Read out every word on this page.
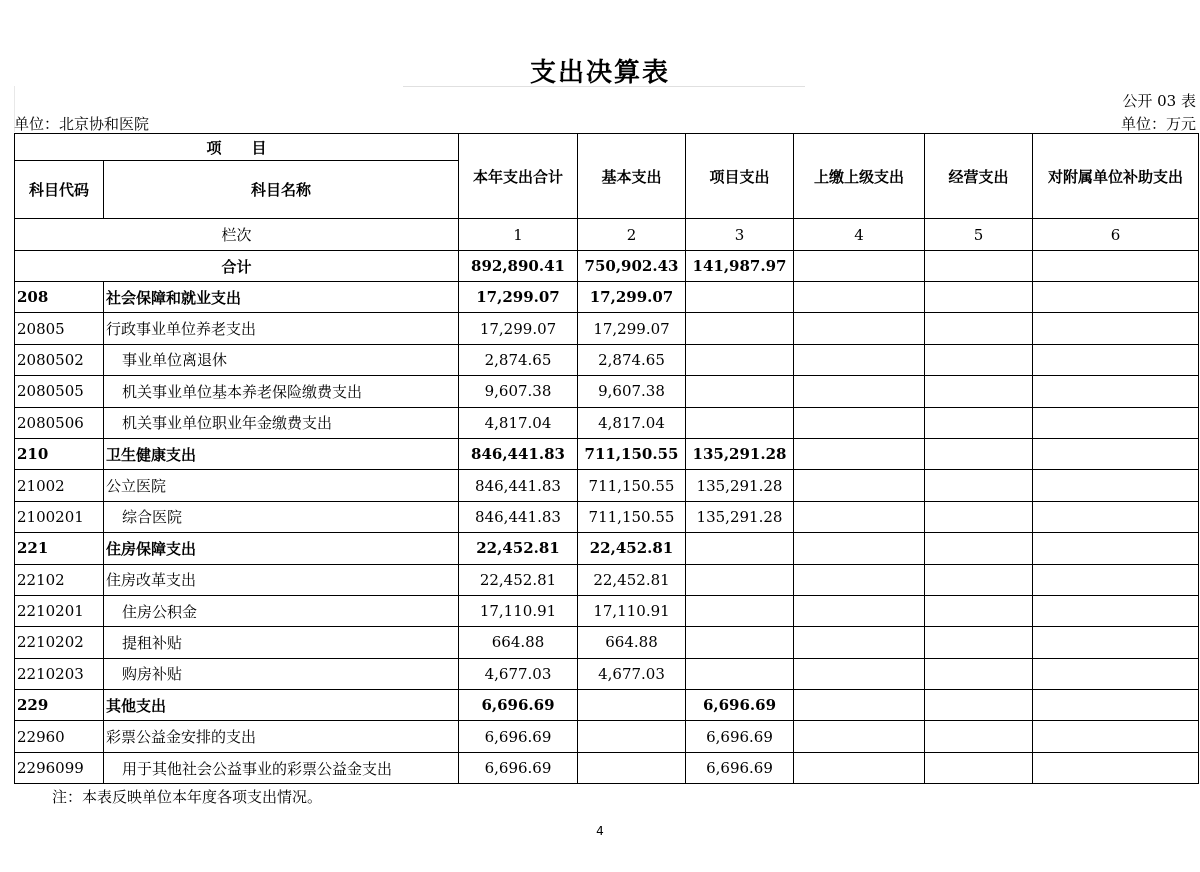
支出决算表
公开 03 表
单位：北京协和医院	单位：万元
项　　目		本年支出合计	基本支出	项目支出	上缴上级支出	经营支出	对附属单位补助支出
科目代码	科目名称						
栏次		1	2	3	4	5	6
合计		892,890.41	750,902.43	141,987.97			
208	社会保障和就业支出	17,299.07	17,299.07				
20805	行政事业单位养老支出	17,299.07	17,299.07				
2080502	事业单位离退休	2,874.65	2,874.65				
2080505	机关事业单位基本养老保险缴费支出	9,607.38	9,607.38				
2080506	机关事业单位职业年金缴费支出	4,817.04	4,817.04				
210	卫生健康支出	846,441.83	711,150.55	135,291.28			
21002	公立医院	846,441.83	711,150.55	135,291.28			
2100201	综合医院	846,441.83	711,150.55	135,291.28			
221	住房保障支出	22,452.81	22,452.81				
22102	住房改革支出	22,452.81	22,452.81				
2210201	住房公积金	17,110.91	17,110.91				
2210202	提租补贴	664.88	664.88				
2210203	购房补贴	4,677.03	4,677.03				
229	其他支出	6,696.69		6,696.69			
22960	彩票公益金安排的支出	6,696.69		6,696.69			
2296099	用于其他社会公益事业的彩票公益金支出	6,696.69		6,696.69			
注：本表反映单位本年度各项支出情况。
4
